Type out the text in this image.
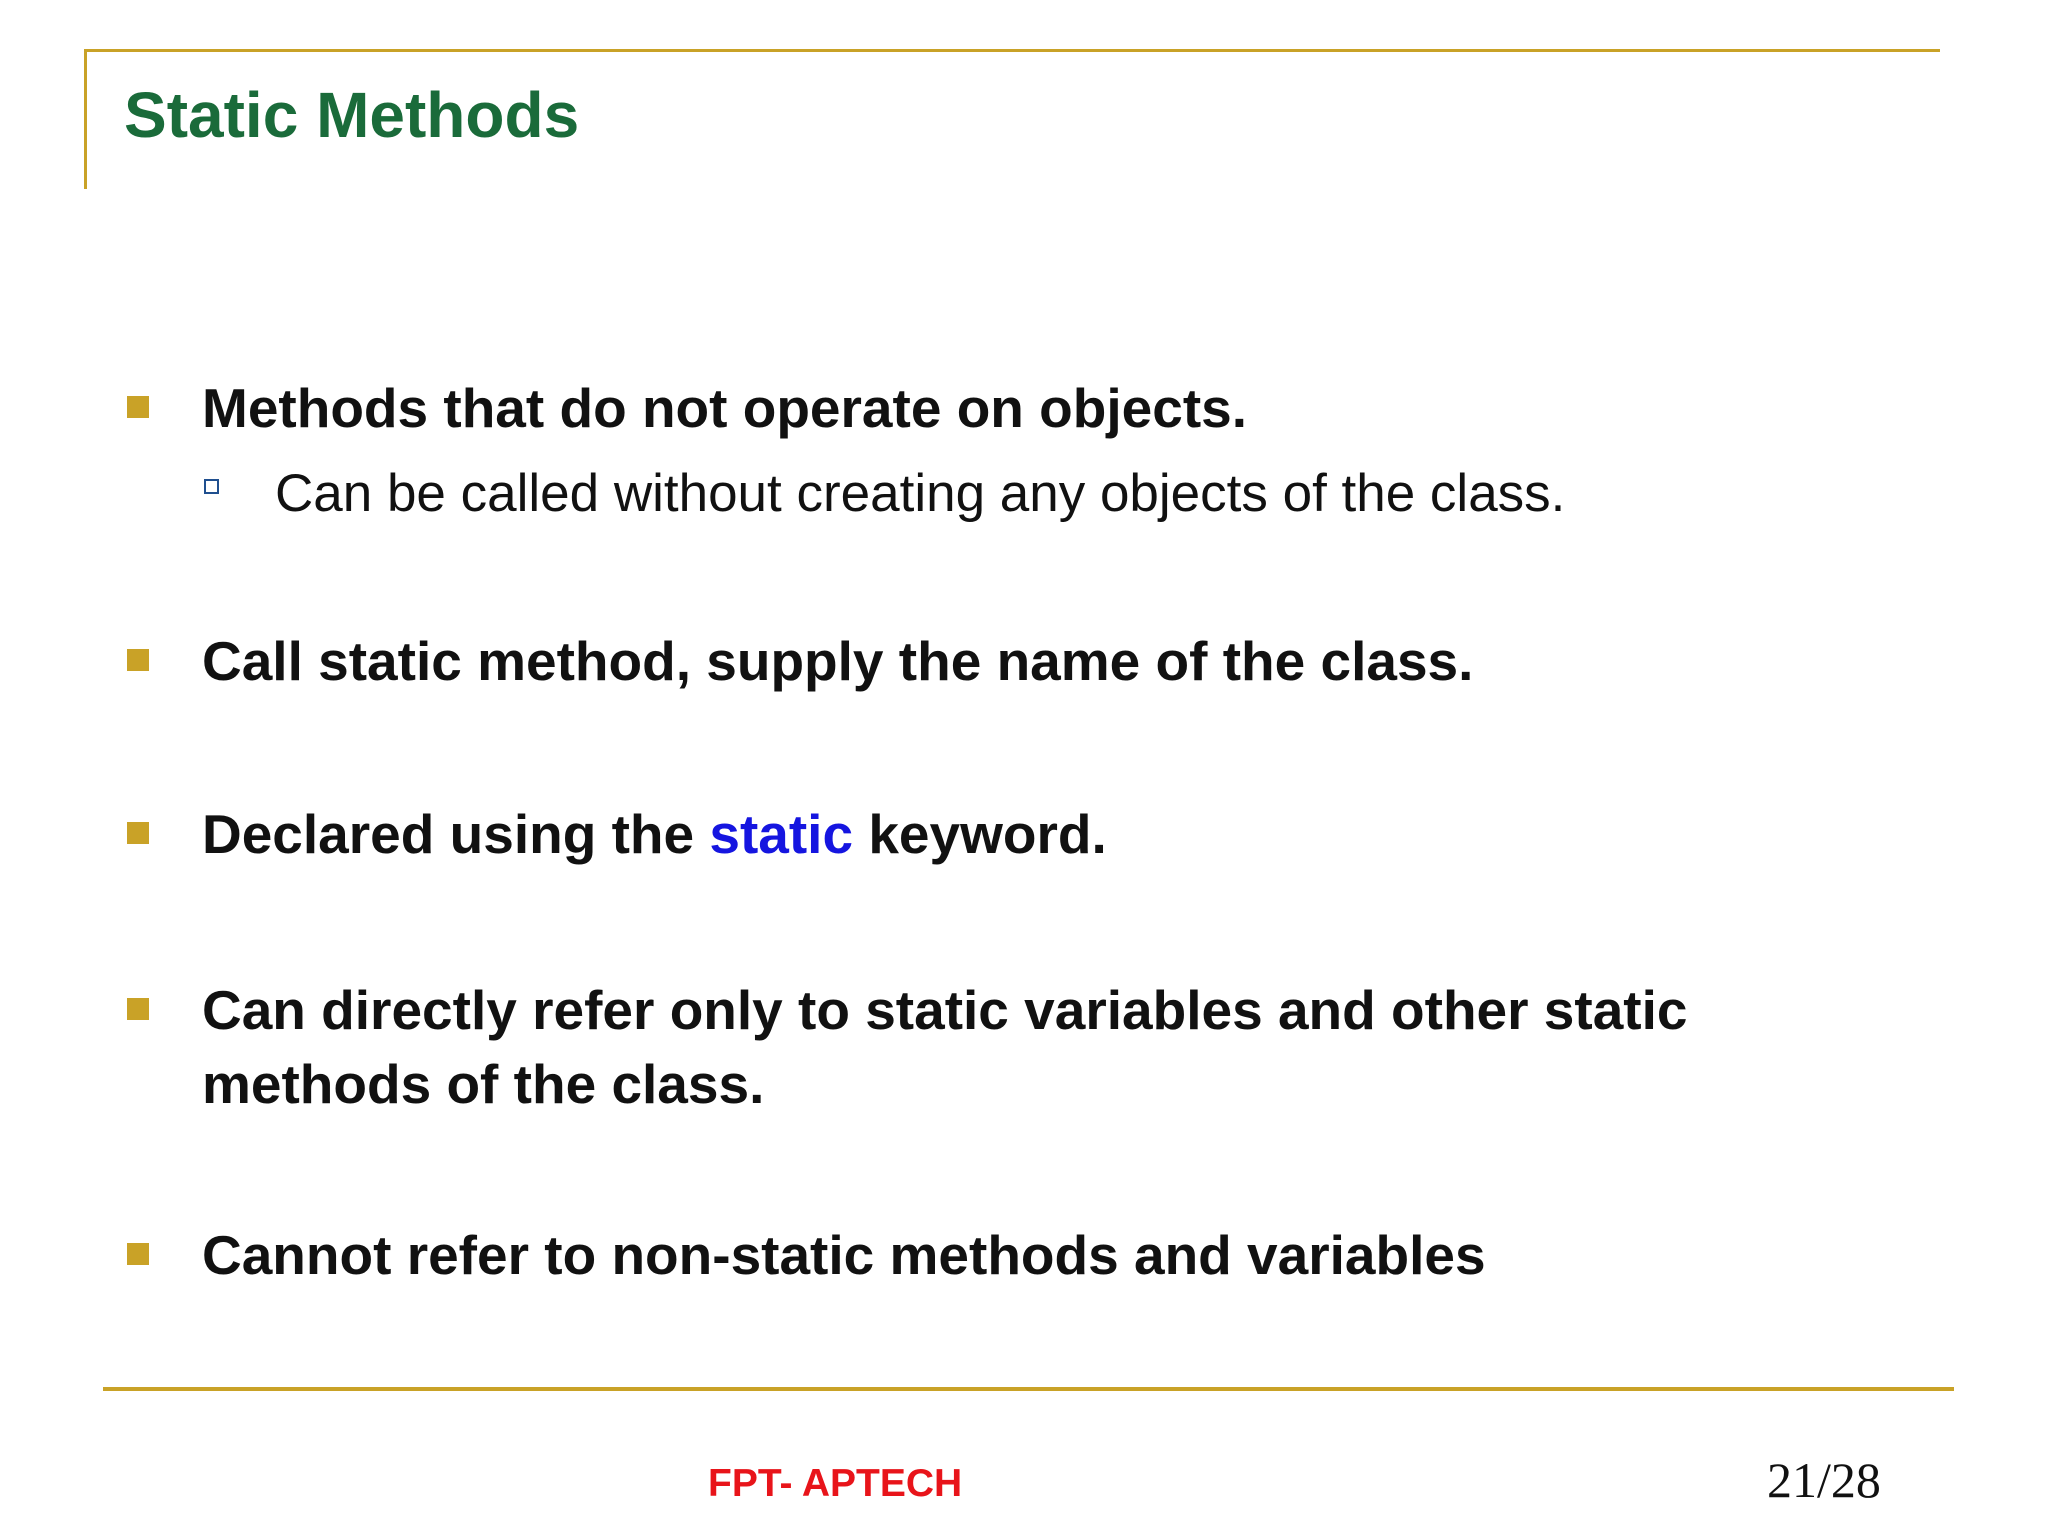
Static Methods

Methods that do not operate on objects.

Can be called without creating any objects of the class.

Call static method, supply the name of the class.

Declared using the static keyword.

Can directly refer only to static variables and other static methods of the class.

Cannot refer to non-static methods and variables

FPT- APTECH	21/28
